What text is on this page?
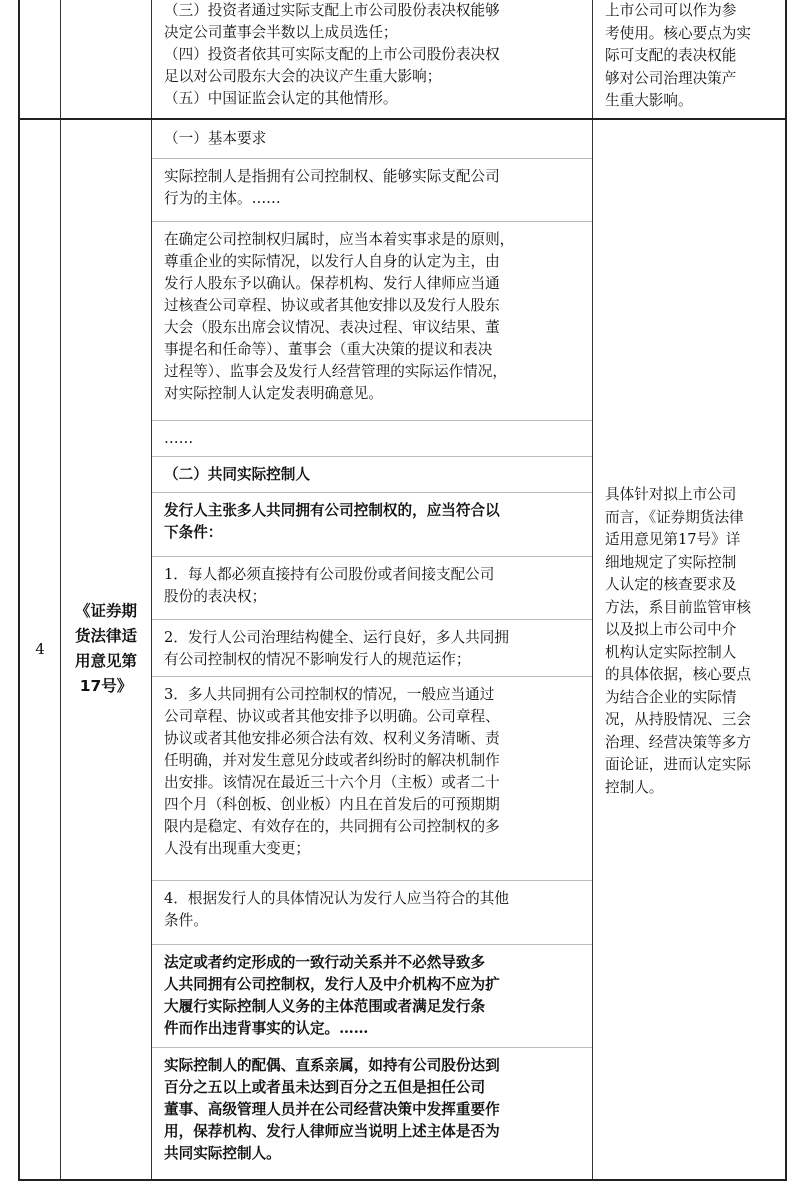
（三）投资者通过实际支配上市公司股份表决权能够
决定公司董事会半数以上成员选任；
（四）投资者依其可实际支配的上市公司股份表决权
足以对公司股东大会的决议产生重大影响；
（五）中国证监会认定的其他情形。
上市公司可以作为参
考使用。核心要点为实
际可支配的表决权能
够对公司治理决策产
生重大影响。
4
《证券期
货法律适
用意见第
17号》
（一）基本要求
实际控制人是指拥有公司控制权、能够实际支配公司
行为的主体。……
在确定公司控制权归属时，应当本着实事求是的原则，
尊重企业的实际情况，以发行人自身的认定为主，由
发行人股东予以确认。保荐机构、发行人律师应当通
过核查公司章程、协议或者其他安排以及发行人股东
大会（股东出席会议情况、表决过程、审议结果、董
事提名和任命等）、董事会（重大决策的提议和表决
过程等）、监事会及发行人经营管理的实际运作情况，
对实际控制人认定发表明确意见。
……
（二）共同实际控制人
发行人主张多人共同拥有公司控制权的，应当符合以
下条件：
1．每人都必须直接持有公司股份或者间接支配公司
股份的表决权；
2．发行人公司治理结构健全、运行良好，多人共同拥
有公司控制权的情况不影响发行人的规范运作；
3．多人共同拥有公司控制权的情况，一般应当通过
公司章程、协议或者其他安排予以明确。公司章程、
协议或者其他安排必须合法有效、权利义务清晰、责
任明确，并对发生意见分歧或者纠纷时的解决机制作
出安排。该情况在最近三十六个月（主板）或者二十
四个月（科创板、创业板）内且在首发后的可预期期
限内是稳定、有效存在的，共同拥有公司控制权的多
人没有出现重大变更；
4．根据发行人的具体情况认为发行人应当符合的其他
条件。
法定或者约定形成的一致行动关系并不必然导致多
人共同拥有公司控制权，发行人及中介机构不应为扩
大履行实际控制人义务的主体范围或者满足发行条
件而作出违背事实的认定。……
实际控制人的配偶、直系亲属，如持有公司股份达到
百分之五以上或者虽未达到百分之五但是担任公司
董事、高级管理人员并在公司经营决策中发挥重要作
用，保荐机构、发行人律师应当说明上述主体是否为
共同实际控制人。
具体针对拟上市公司
而言，《证券期货法律
适用意见第17号》详
细地规定了实际控制
人认定的核查要求及
方法，系目前监管审核
以及拟上市公司中介
机构认定实际控制人
的具体依据，核心要点
为结合企业的实际情
况，从持股情况、三会
治理、经营决策等多方
面论证，进而认定实际
控制人。
